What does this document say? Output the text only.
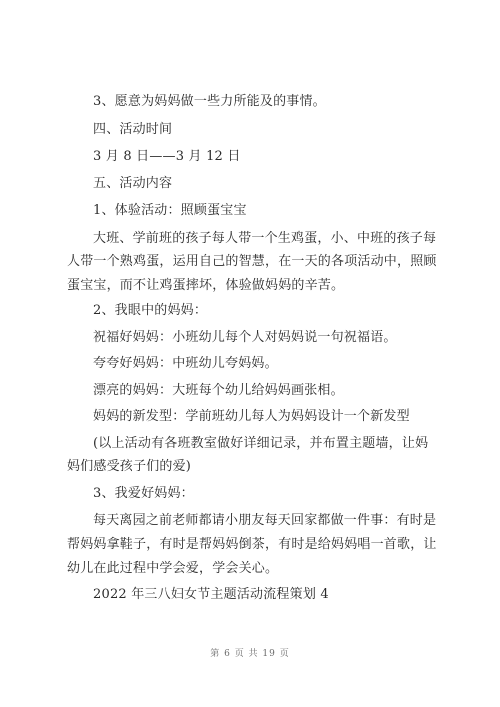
3、愿意为妈妈做一些力所能及的事情。
四、活动时间
3 月 8 日——3 月 12 日
五、活动内容
1、体验活动：照顾蛋宝宝
大班、学前班的孩子每人带一个生鸡蛋，小、中班的孩子每
人带一个熟鸡蛋，运用自己的智慧，在一天的各项活动中，照顾
蛋宝宝，而不让鸡蛋摔坏，体验做妈妈的辛苦。
2、我眼中的妈妈：
祝福好妈妈：小班幼儿每个人对妈妈说一句祝福语。
夸夸好妈妈：中班幼儿夸妈妈。
漂亮的妈妈：大班每个幼儿给妈妈画张相。
妈妈的新发型：学前班幼儿每人为妈妈设计一个新发型
(以上活动有各班教室做好详细记录，并布置主题墙，让妈
妈们感受孩子们的爱)
3、我爱好妈妈：
每天离园之前老师都请小朋友每天回家都做一件事：有时是
帮妈妈拿鞋子，有时是帮妈妈倒茶，有时是给妈妈唱一首歌，让
幼儿在此过程中学会爱，学会关心。
2022 年三八妇女节主题活动流程策划 4
第 6 页 共 19 页
